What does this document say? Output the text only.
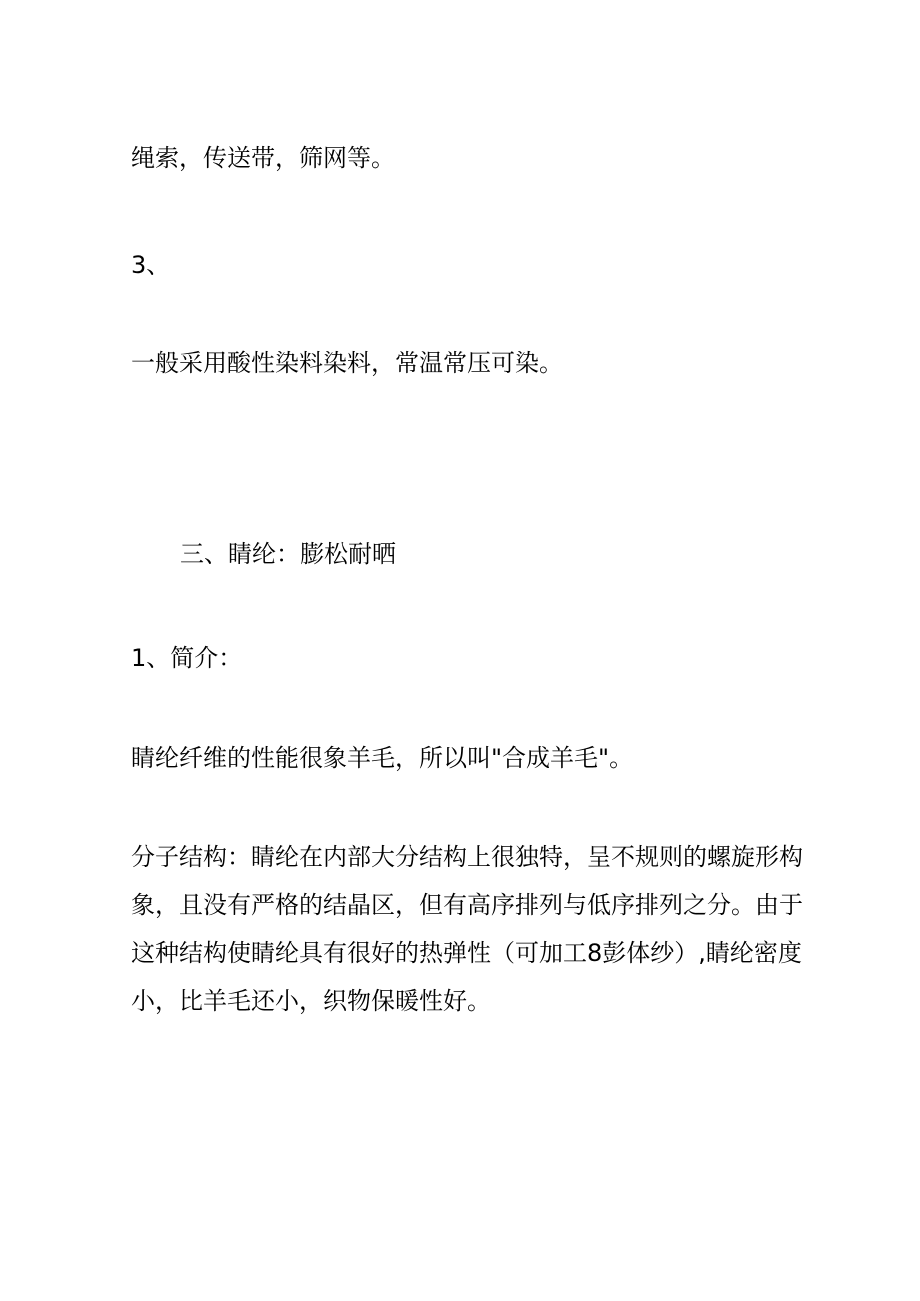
绳索，传送带，筛网等。

3、

一般采用酸性染料染料，常温常压可染。

三、睛纶：膨松耐晒

1、简介：

睛纶纤维的性能很象羊毛，所以叫"合成羊毛"。

分子结构：睛纶在内部大分结构上很独特，呈不规则的螺旋形构
象，且没有严格的结晶区，但有高序排列与低序排列之分。由于
这种结构使睛纶具有很好的热弹性（可加工8彭体纱）,睛纶密度
小，比羊毛还小，织物保暖性好。
